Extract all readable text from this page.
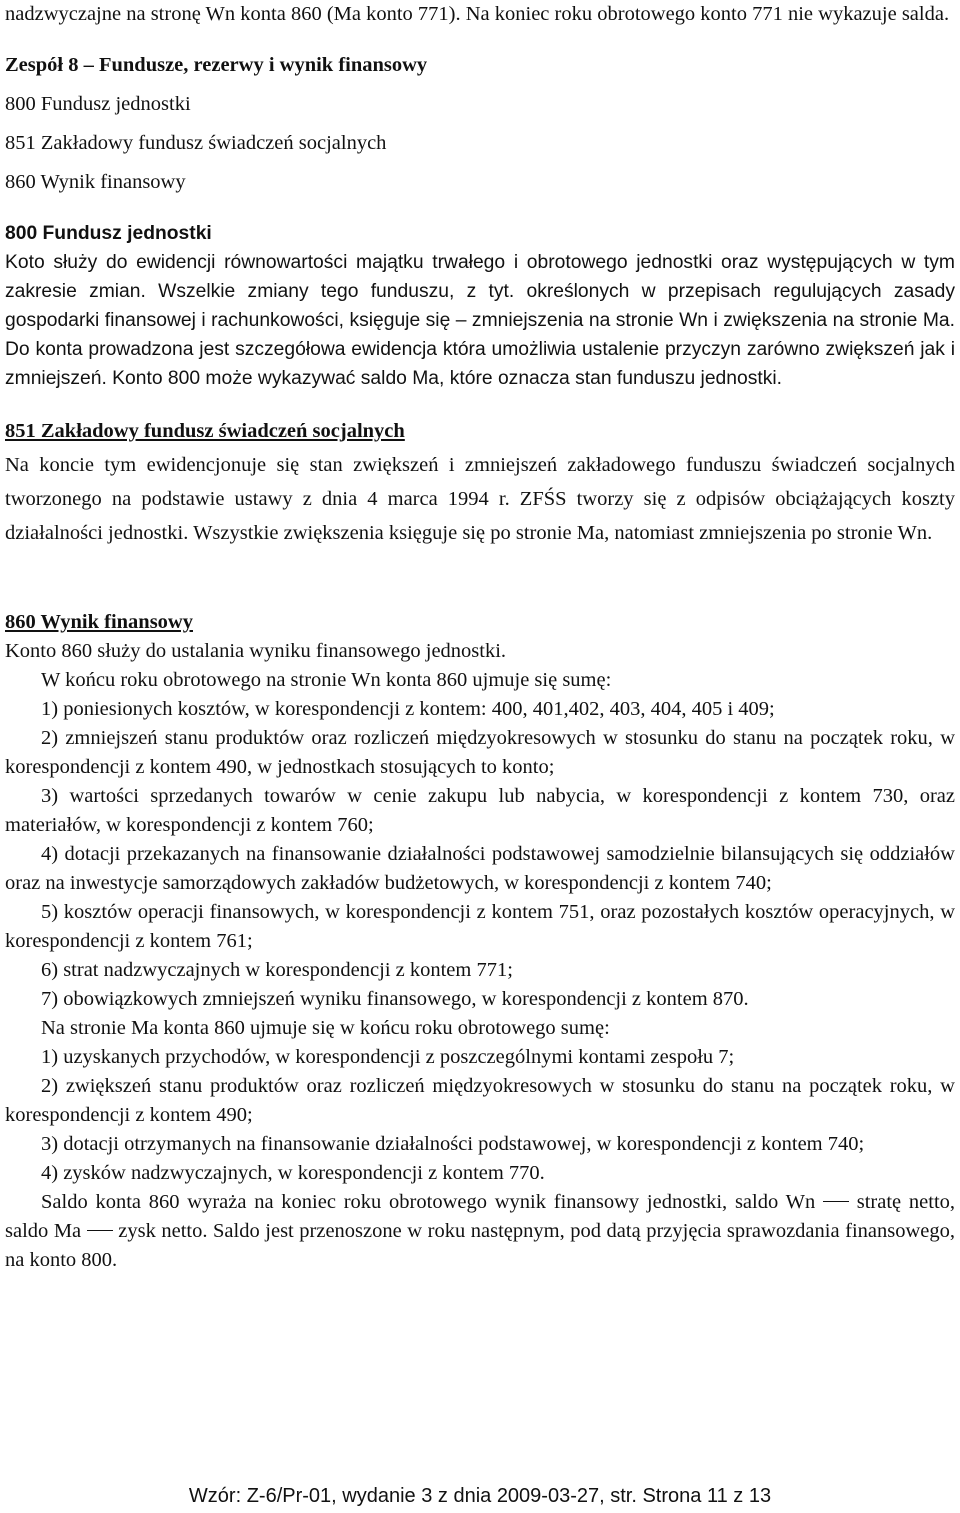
nadzwyczajne na stronę Wn konta 860 (Ma konto 771). Na koniec roku obrotowego konto 771 nie wykazuje salda.

Zespół 8 – Fundusze, rezerwy i wynik finansowy

800 Fundusz jednostki

851 Zakładowy fundusz świadczeń socjalnych

860 Wynik finansowy

800 Fundusz jednostki

Koto służy do ewidencji równowartości majątku trwałego i obrotowego jednostki oraz występujących w tym zakresie zmian. Wszelkie zmiany tego funduszu, z tyt. określonych w przepisach regulujących zasady gospodarki finansowej i rachunkowości, księguje się – zmniejszenia na stronie Wn i zwiększenia na stronie Ma. Do konta prowadzona jest szczegółowa ewidencja która umożliwia ustalenie przyczyn zarówno zwiększeń jak i zmniejszeń. Konto 800 może wykazywać saldo Ma, które oznacza stan funduszu jednostki.

851 Zakładowy fundusz świadczeń socjalnych

Na koncie tym ewidencjonuje się stan zwiększeń i zmniejszeń zakładowego funduszu świadczeń socjalnych tworzonego na podstawie ustawy z dnia 4 marca 1994 r. ZFŚS tworzy się z odpisów obciążających koszty działalności jednostki. Wszystkie zwiększenia księguje się po stronie Ma, natomiast zmniejszenia po stronie Wn.

860 Wynik finansowy

Konto 860 służy do ustalania wyniku finansowego jednostki.

W końcu roku obrotowego na stronie Wn konta 860 ujmuje się sumę:

1) poniesionych kosztów, w korespondencji z kontem: 400, 401,402, 403, 404, 405 i 409;

2) zmniejszeń stanu produktów oraz rozliczeń międzyokresowych w stosunku do stanu na początek roku, w korespondencji z kontem 490, w jednostkach stosujących to konto;

3) wartości sprzedanych towarów w cenie zakupu lub nabycia, w korespondencji z kontem 730, oraz materiałów, w korespondencji z kontem 760;

4) dotacji przekazanych na finansowanie działalności podstawowej samodzielnie bilansujących się oddziałów oraz na inwestycje samorządowych zakładów budżetowych, w korespondencji z kontem 740;

5) kosztów operacji finansowych, w korespondencji z kontem 751, oraz pozostałych kosztów operacyjnych, w korespondencji z kontem 761;

6) strat nadzwyczajnych w korespondencji z kontem 771;

7) obowiązkowych zmniejszeń wyniku finansowego, w korespondencji z kontem 870.

Na stronie Ma konta 860 ujmuje się w końcu roku obrotowego sumę:

1) uzyskanych przychodów, w korespondencji z poszczególnymi kontami zespołu 7;

2) zwiększeń stanu produktów oraz rozliczeń międzyokresowych w stosunku do stanu na początek roku, w korespondencji z kontem 490;

3) dotacji otrzymanych na finansowanie działalności podstawowej, w korespondencji z kontem 740;

4) zysków nadzwyczajnych, w korespondencji z kontem 770.

Saldo konta 860 wyraża na koniec roku obrotowego wynik finansowy jednostki, saldo Wn stratę netto, saldo Ma zysk netto. Saldo jest przenoszone w roku następnym, pod datą przyjęcia sprawozdania finansowego, na konto 800.

Wzór: Z-6/Pr-01, wydanie 3 z dnia 2009-03-27, str. Strona 11 z 13
